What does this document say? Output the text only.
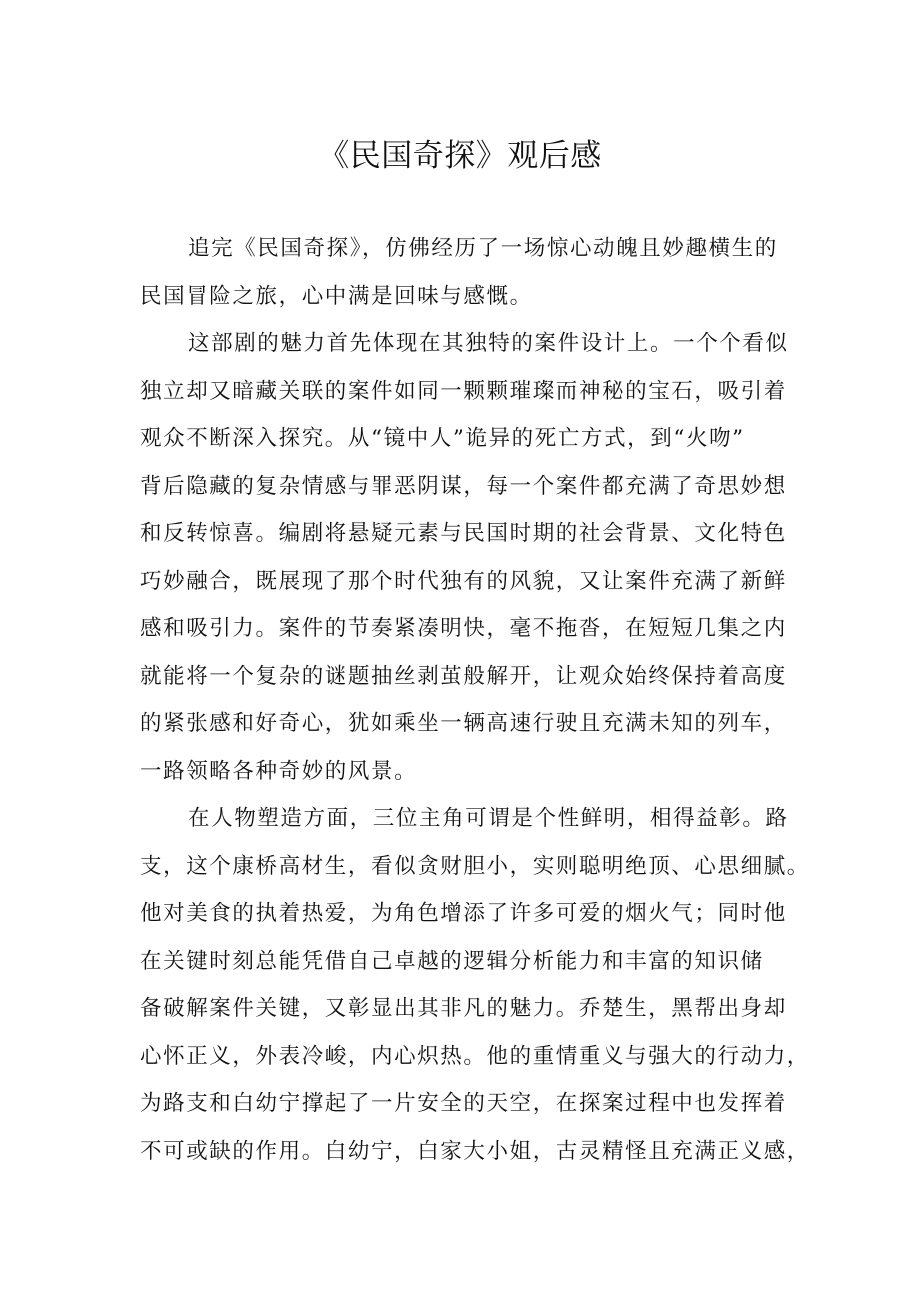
《民国奇探》观后感

追完《民国奇探》，仿佛经历了一场惊心动魄且妙趣横生的
民国冒险之旅，心中满是回味与感慨。

这部剧的魅力首先体现在其独特的案件设计上。一个个看似
独立却又暗藏关联的案件如同一颗颗璀璨而神秘的宝石，吸引着
观众不断深入探究。从“镜中人”诡异的死亡方式，到“火吻”
背后隐藏的复杂情感与罪恶阴谋，每一个案件都充满了奇思妙想
和反转惊喜。编剧将悬疑元素与民国时期的社会背景、文化特色
巧妙融合，既展现了那个时代独有的风貌，又让案件充满了新鲜
感和吸引力。案件的节奏紧凑明快，毫不拖沓，在短短几集之内
就能将一个复杂的谜题抽丝剥茧般解开，让观众始终保持着高度
的紧张感和好奇心，犹如乘坐一辆高速行驶且充满未知的列车，
一路领略各种奇妙的风景。

在人物塑造方面，三位主角可谓是个性鲜明，相得益彰。路
支，这个康桥高材生，看似贪财胆小，实则聪明绝顶、心思细腻。
他对美食的执着热爱，为角色增添了许多可爱的烟火气；同时他
在关键时刻总能凭借自己卓越的逻辑分析能力和丰富的知识储
备破解案件关键，又彰显出其非凡的魅力。乔楚生，黑帮出身却
心怀正义，外表冷峻，内心炽热。他的重情重义与强大的行动力，
为路支和白幼宁撑起了一片安全的天空，在探案过程中也发挥着
不可或缺的作用。白幼宁，白家大小姐，古灵精怪且充满正义感，
